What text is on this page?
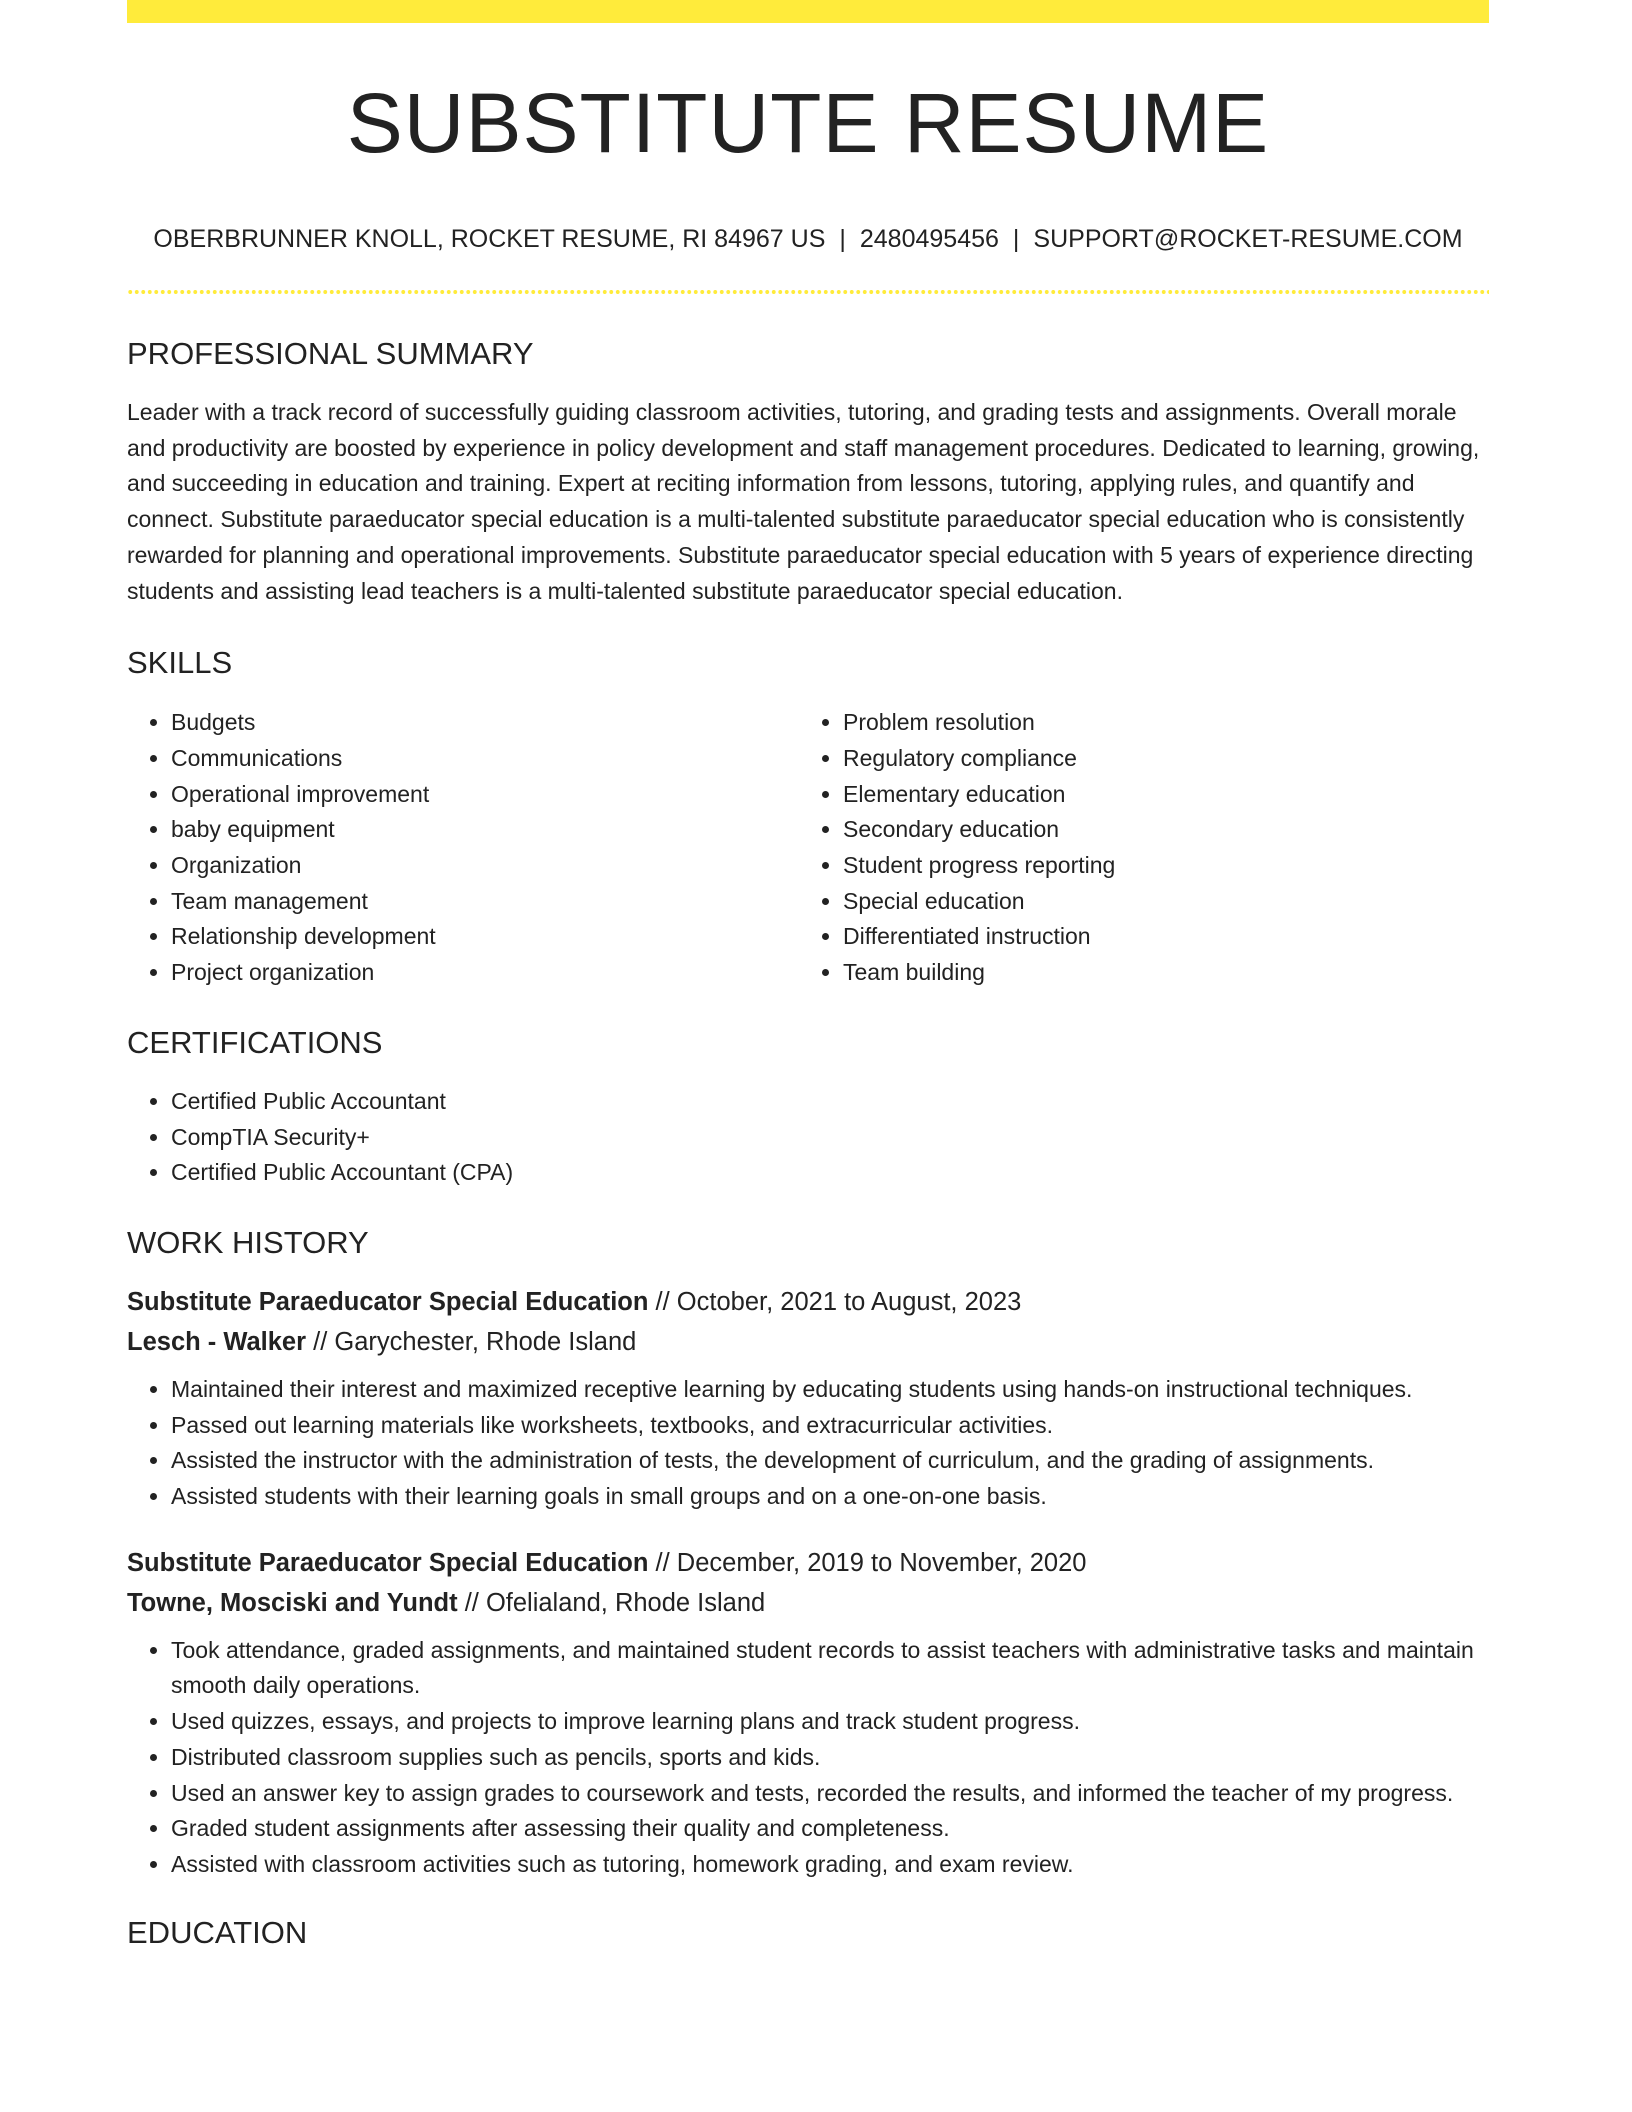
SUBSTITUTE RESUME
OBERBRUNNER KNOLL, ROCKET RESUME, RI 84967 US | 2480495456 | SUPPORT@ROCKET-RESUME.COM
PROFESSIONAL SUMMARY

Leader with a track record of successfully guiding classroom activities, tutoring, and grading tests and assignments. Overall morale and productivity are boosted by experience in policy development and staff management procedures. Dedicated to learning, growing, and succeeding in education and training. Expert at reciting information from lessons, tutoring, applying rules, and quantify and connect. Substitute paraeducator special education is a multi-talented substitute paraeducator special education who is consistently rewarded for planning and operational improvements. Substitute paraeducator special education with 5 years of experience directing students and assisting lead teachers is a multi-talented substitute paraeducator special education.

SKILLS
• Budgets
• Communications
• Operational improvement
• baby equipment
• Organization
• Team management
• Relationship development
• Project organization
• Problem resolution
• Regulatory compliance
• Elementary education
• Secondary education
• Student progress reporting
• Special education
• Differentiated instruction
• Team building
CERTIFICATIONS
• Certified Public Accountant
• CompTIA Security+
• Certified Public Accountant (CPA)
WORK HISTORY
Substitute Paraeducator Special Education // October, 2021 to August, 2023
Lesch - Walker // Garychester, Rhode Island
• Maintained their interest and maximized receptive learning by educating students using hands-on instructional techniques.
• Passed out learning materials like worksheets, textbooks, and extracurricular activities.
• Assisted the instructor with the administration of tests, the development of curriculum, and the grading of assignments.
• Assisted students with their learning goals in small groups and on a one-on-one basis.
Substitute Paraeducator Special Education // December, 2019 to November, 2020
Towne, Mosciski and Yundt // Ofelialand, Rhode Island
• Took attendance, graded assignments, and maintained student records to assist teachers with administrative tasks and maintain smooth daily operations.
• Used quizzes, essays, and projects to improve learning plans and track student progress.
• Distributed classroom supplies such as pencils, sports and kids.
• Used an answer key to assign grades to coursework and tests, recorded the results, and informed the teacher of my progress.
• Graded student assignments after assessing their quality and completeness.
• Assisted with classroom activities such as tutoring, homework grading, and exam review.
EDUCATION
